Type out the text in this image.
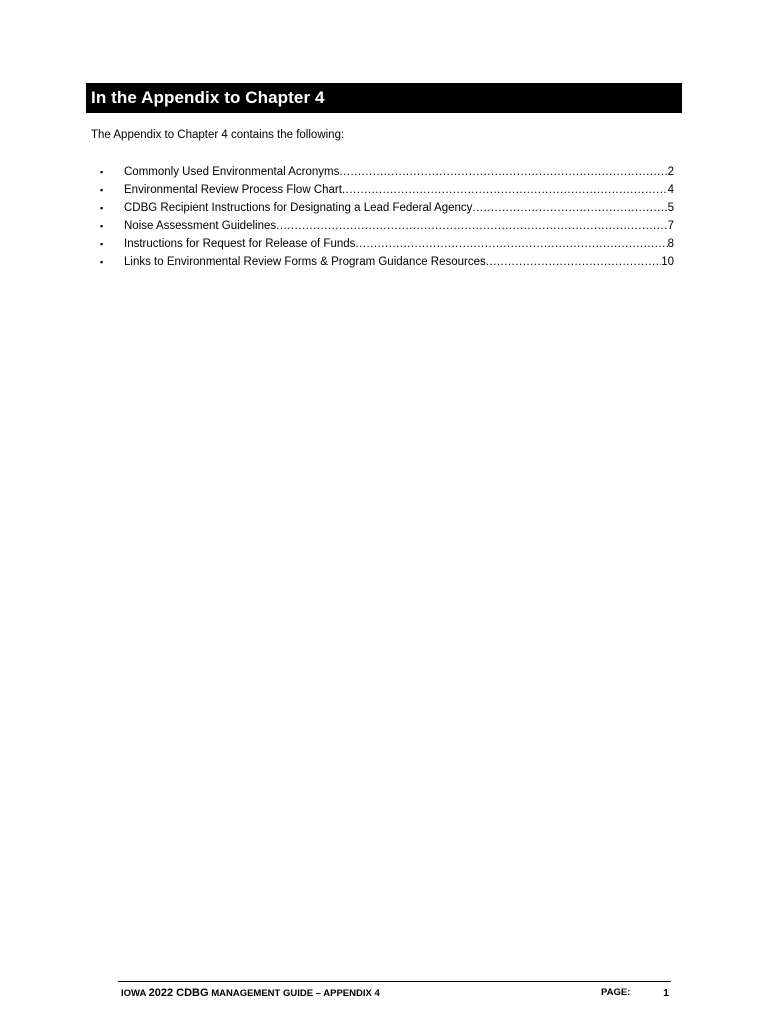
In the Appendix to Chapter 4
The Appendix to Chapter 4 contains the following:
▪	Commonly Used Environmental Acronyms .....	2
▪	Environmental Review Process Flow Chart .....	4
▪	CDBG Recipient Instructions for Designating a Lead Federal Agency .....	5
▪	Noise Assessment Guidelines .....	7
▪	Instructions for Request for Release of Funds .....	8
▪	Links to Environmental Review Forms & Program Guidance Resources .....	10
IOWA 2022 CDBG MANAGEMENT GUIDE – APPENDIX 4	PAGE:	1
